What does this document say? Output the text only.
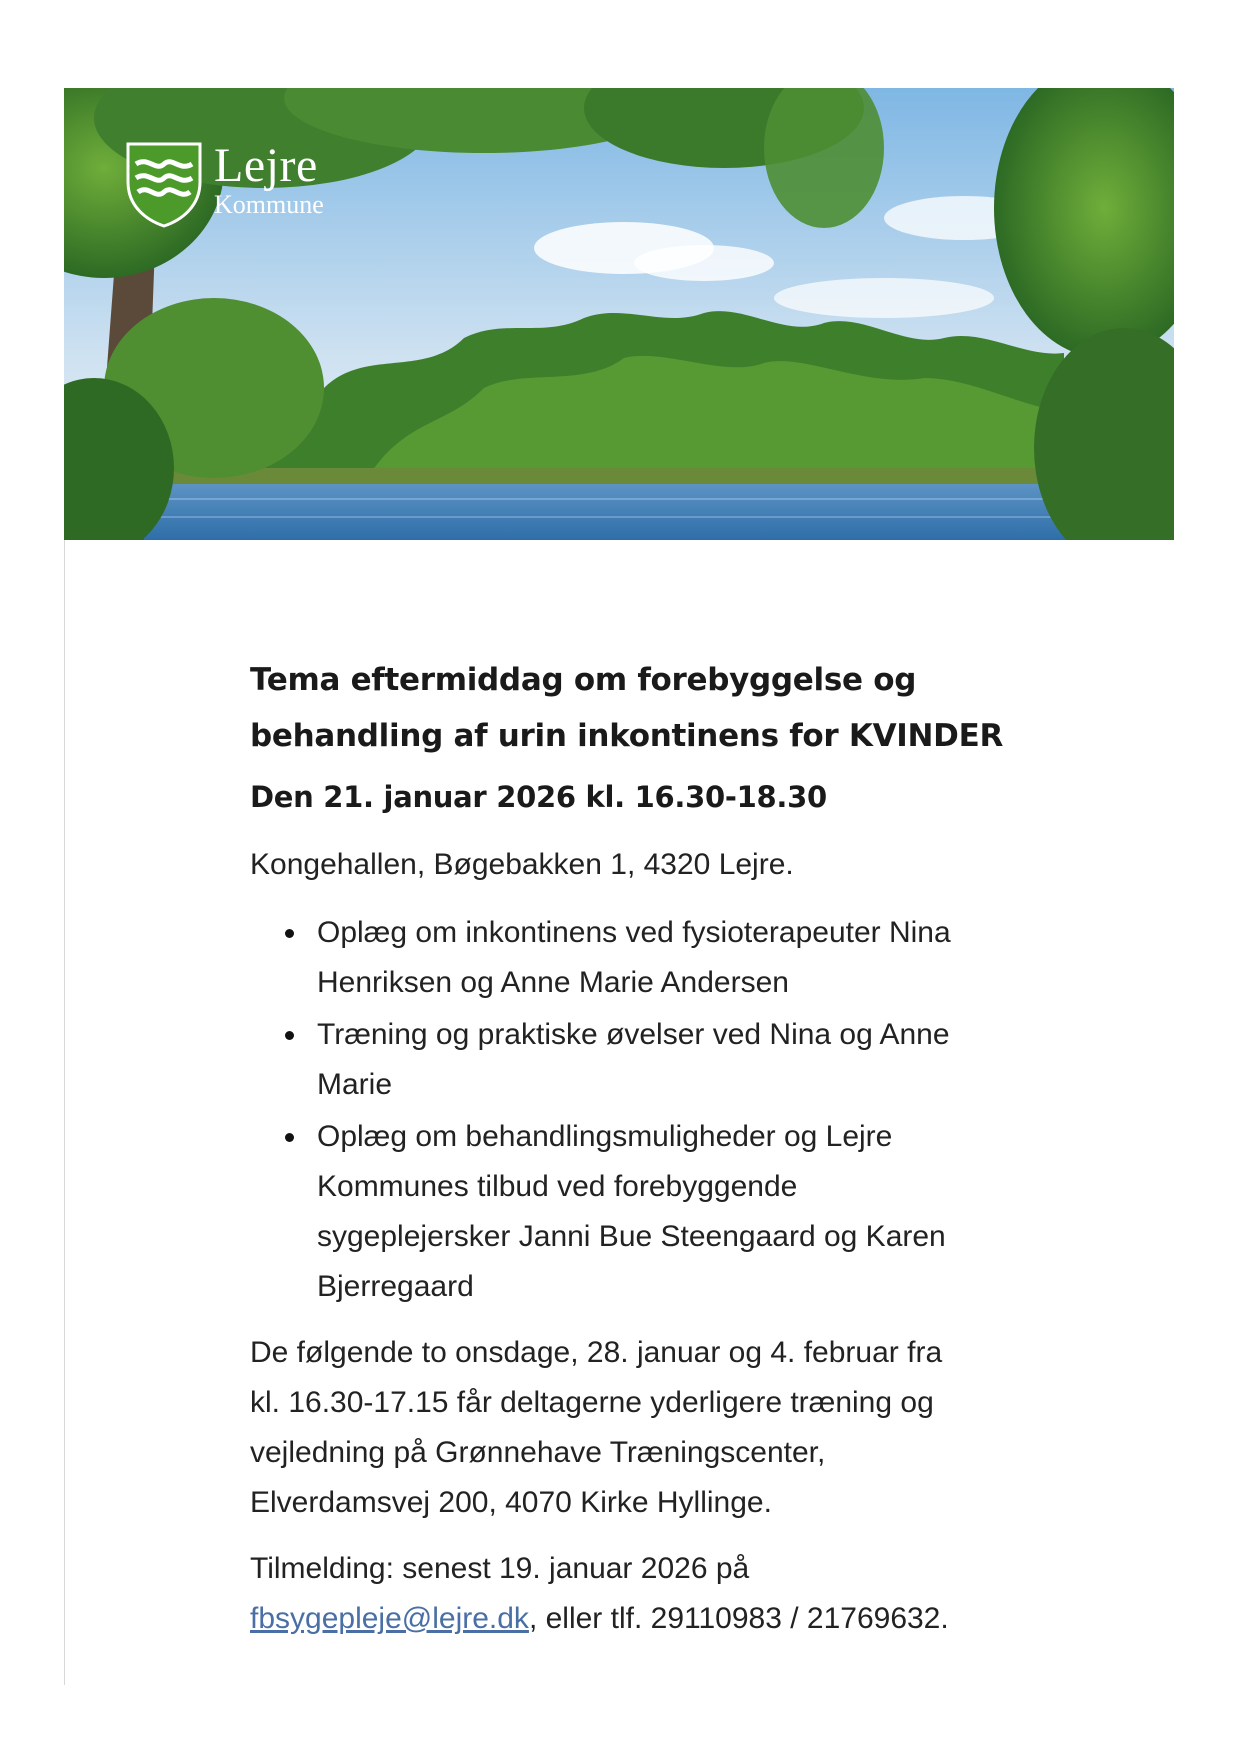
Lejre
Kommune
Tema eftermiddag om forebyggelse og
behandling af urin inkontinens for KVINDER

Den 21. januar 2026 kl. 16.30-18.30

Kongehallen, Bøgebakken 1, 4320 Lejre.

Oplæg om inkontinens ved fysioterapeuter Nina
Henriksen og Anne Marie Andersen
Træning og praktiske øvelser ved Nina og Anne
Marie
Oplæg om behandlingsmuligheder og Lejre
Kommunes tilbud ved forebyggende
sygeplejersker Janni Bue Steengaard og Karen
Bjerregaard

De følgende to onsdage, 28. januar og 4. februar fra
kl. 16.30-17.15 får deltagerne yderligere træning og
vejledning på Grønnehave Træningscenter,
Elverdamsvej 200, 4070 Kirke Hyllinge.

Tilmelding: senest 19. januar 2026 på
fbsygepleje@lejre.dk, eller tlf. 29110983 / 21769632.
